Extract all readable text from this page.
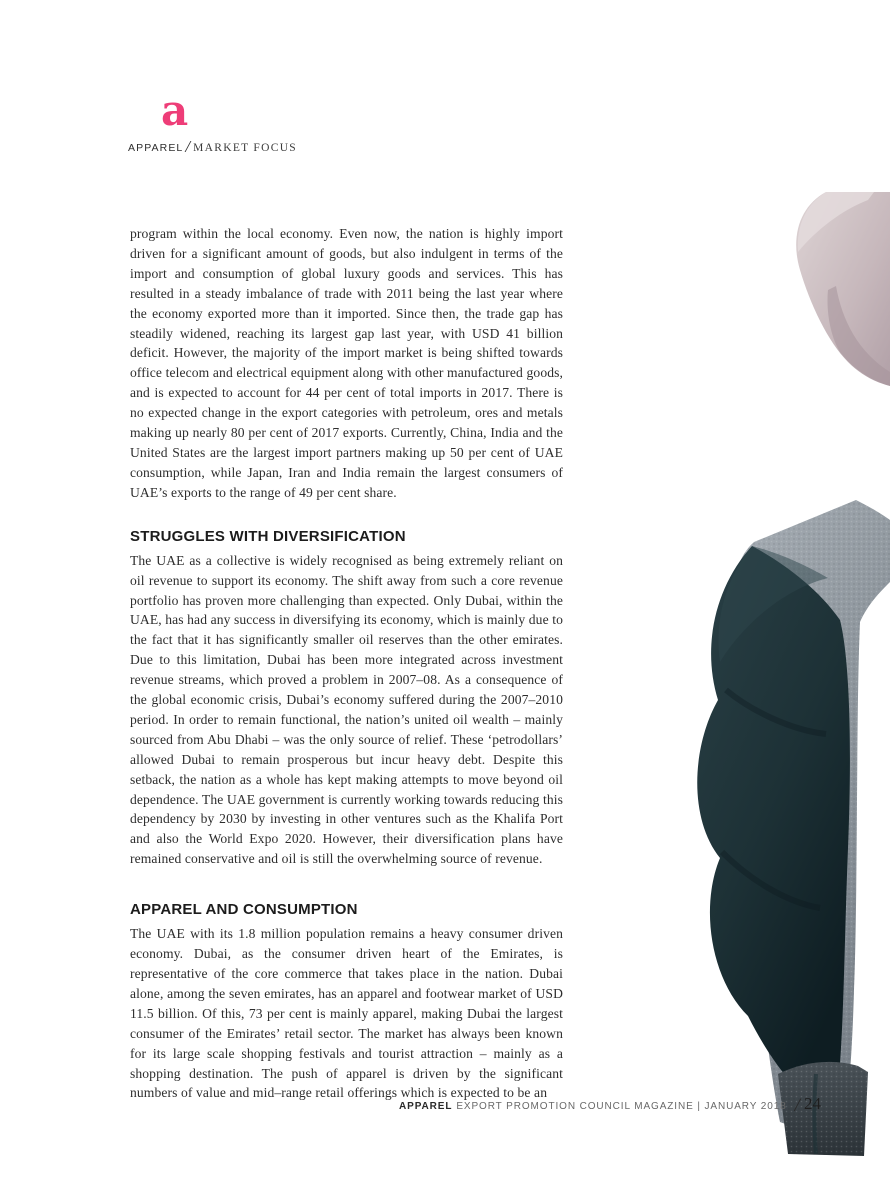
a
APPAREL / MARKET FOCUS

program within the local economy. Even now, the nation is highly import driven for a significant amount of goods, but also indulgent in terms of the import and consumption of global luxury goods and services. This has resulted in a steady imbalance of trade with 2011 being the last year where the economy exported more than it imported. Since then, the trade gap has steadily widened, reaching its largest gap last year, with USD 41 billion deficit. However, the majority of the import market is being shifted towards office telecom and electrical equipment along with other manufactured goods, and is expected to account for 44 per cent of total imports in 2017. There is no expected change in the export categories with petroleum, ores and metals making up nearly 80 per cent of 2017 exports. Currently, China, India and the United States are the largest import partners making up 50 per cent of UAE consumption, while Japan, Iran and India remain the largest consumers of UAE’s exports to the range of 49 per cent share.

STRUGGLES WITH DIVERSIFICATION

The UAE as a collective is widely recognised as being extremely reliant on oil revenue to support its economy. The shift away from such a core revenue portfolio has proven more challenging than expected. Only Dubai, within the UAE, has had any success in diversifying its economy, which is mainly due to the fact that it has significantly smaller oil reserves than the other emirates. Due to this limitation, Dubai has been more integrated across investment revenue streams, which proved a problem in 2007–08. As a consequence of the global economic crisis, Dubai’s economy suffered during the 2007–2010 period. In order to remain functional, the nation’s united oil wealth – mainly sourced from Abu Dhabi – was the only source of relief. These ‘petrodollars’ allowed Dubai to remain prosperous but incur heavy debt. Despite this setback, the nation as a whole has kept making attempts to move beyond oil dependence. The UAE government is currently working towards reducing this dependency by 2030 by investing in other ventures such as the Khalifa Port and also the World Expo 2020. However, their diversification plans have remained conservative and oil is still the overwhelming source of revenue.

APPAREL AND CONSUMPTION

The UAE with its 1.8 million population remains a heavy consumer driven economy. Dubai, as the consumer driven heart of the Emirates, is representative of the core commerce that takes place in the nation. Dubai alone, among the seven emirates, has an apparel and footwear market of USD 11.5 billion. Of this, 73 per cent is mainly apparel, making Dubai the largest consumer of the Emirates’ retail sector. The market has always been known for its large scale shopping festivals and tourist attraction – mainly as a shopping destination. The push of apparel is driven by the significant numbers of value and mid–range retail offerings which is expected to be an

APPAREL EXPORT PROMOTION COUNCIL MAGAZINE | JANUARY 2018 / 24
